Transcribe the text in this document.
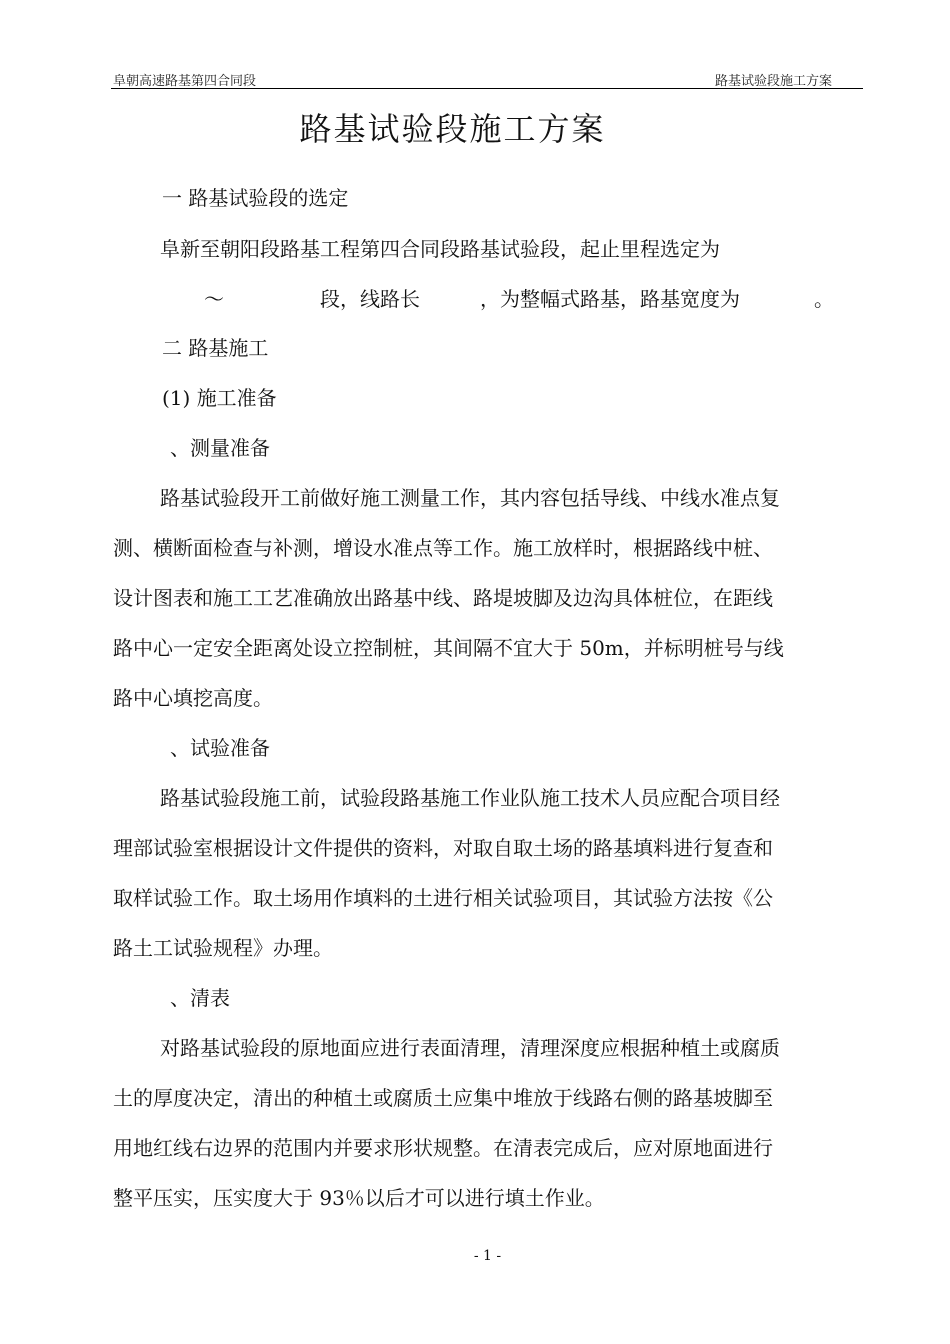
阜朝高速路基第四合同段	路基试验段施工方案
路基试验段施工方案
一 路基试验段的选定
阜新至朝阳段路基工程第四合同段路基试验段，起止里程选定为
～	段，线路长	，为整幅式路基，路基宽度为	。
二 路基施工
(1) 施工准备
、测量准备
路基试验段开工前做好施工测量工作，其内容包括导线、中线水准点复
测、横断面检查与补测，增设水准点等工作。施工放样时，根据路线中桩、
设计图表和施工工艺准确放出路基中线、路堤坡脚及边沟具体桩位，在距线
路中心一定安全距离处设立控制桩，其间隔不宜大于 50m，并标明桩号与线
路中心填挖高度。
、试验准备
路基试验段施工前，试验段路基施工作业队施工技术人员应配合项目经
理部试验室根据设计文件提供的资料，对取自取土场的路基填料进行复查和
取样试验工作。取土场用作填料的土进行相关试验项目，其试验方法按《公
路土工试验规程》办理。
、清表
对路基试验段的原地面应进行表面清理，清理深度应根据种植土或腐质
土的厚度决定，清出的种植土或腐质土应集中堆放于线路右侧的路基坡脚至
用地红线右边界的范围内并要求形状规整。在清表完成后，应对原地面进行
整平压实，压实度大于 93％以后才可以进行填土作业。
- 1 -
